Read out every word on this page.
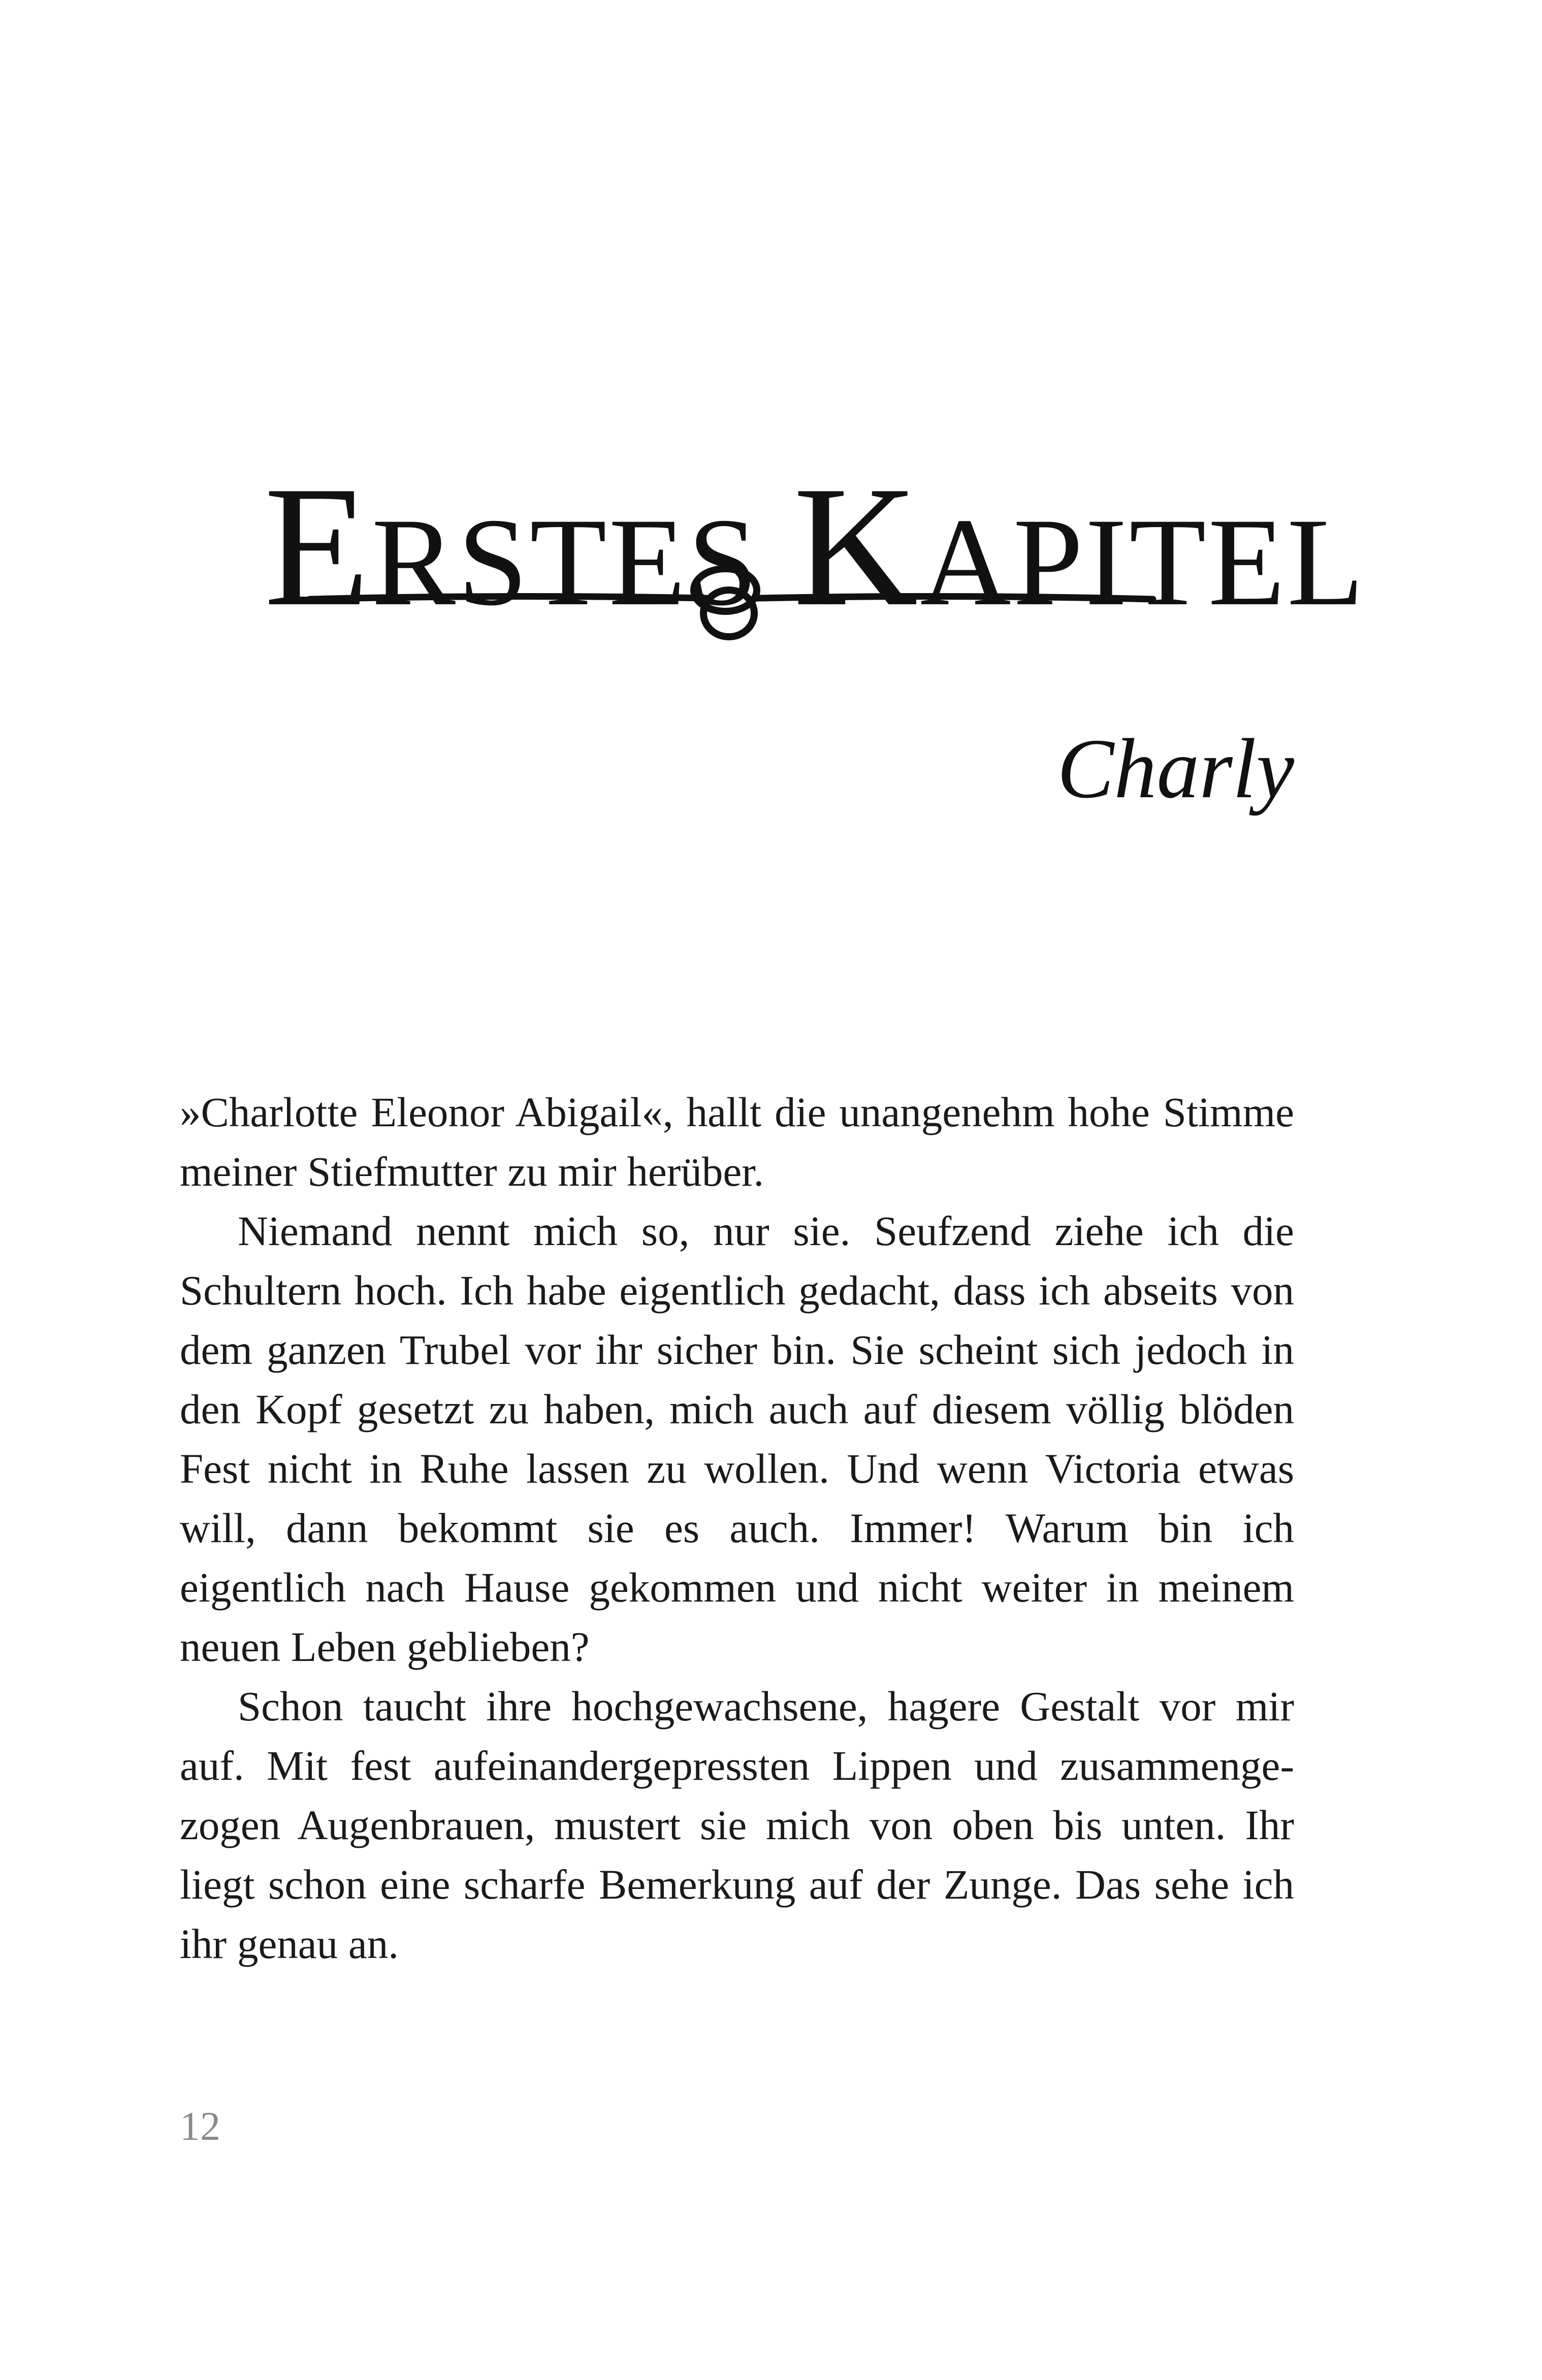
ERSTES KAPITEL
Charly

»Charlotte Eleonor Abigail«, hallt die unangenehm hohe Stimme meiner Stiefmutter zu mir herüber.

Niemand nennt mich so, nur sie. Seufzend ziehe ich die Schultern hoch. Ich habe eigentlich gedacht, dass ich abseits von dem ganzen Trubel vor ihr sicher bin. Sie scheint sich jedoch in den Kopf gesetzt zu haben, mich auch auf diesem völlig blöden Fest nicht in Ruhe lassen zu wollen. Und wenn Victoria etwas will, dann bekommt sie es auch. Immer! Warum bin ich eigentlich nach Hause gekommen und nicht weiter in meinem neuen Leben geblieben?

Schon taucht ihre hochgewachsene, hagere Gestalt vor mir auf. Mit fest aufeinandergepressten Lippen und zusammengezogen Augenbrauen, mustert sie mich von oben bis unten. Ihr liegt schon eine scharfe Bemerkung auf der Zunge. Das sehe ich ihr genau an.

12
